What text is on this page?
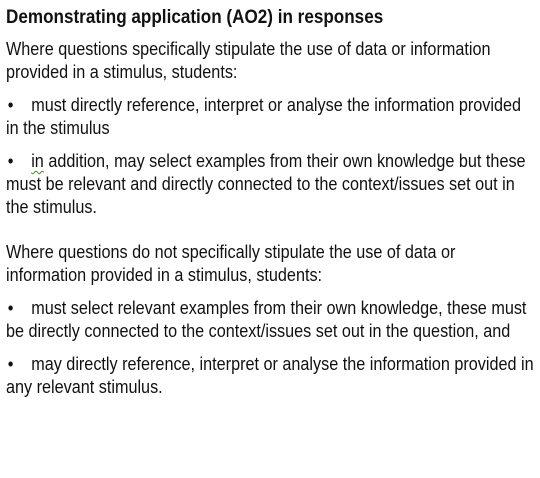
Demonstrating application (AO2) in responses

Where questions specifically stipulate the use of data or information provided in a stimulus, students:

• must directly reference, interpret or analyse the information provided in the stimulus

• in addition, may select examples from their own knowledge but these must be relevant and directly connected to the context/issues set out in the stimulus.

Where questions do not specifically stipulate the use of data or information provided in a stimulus, students:

• must select relevant examples from their own knowledge, these must be directly connected to the context/issues set out in the question, and

• may directly reference, interpret or analyse the information provided in any relevant stimulus.
